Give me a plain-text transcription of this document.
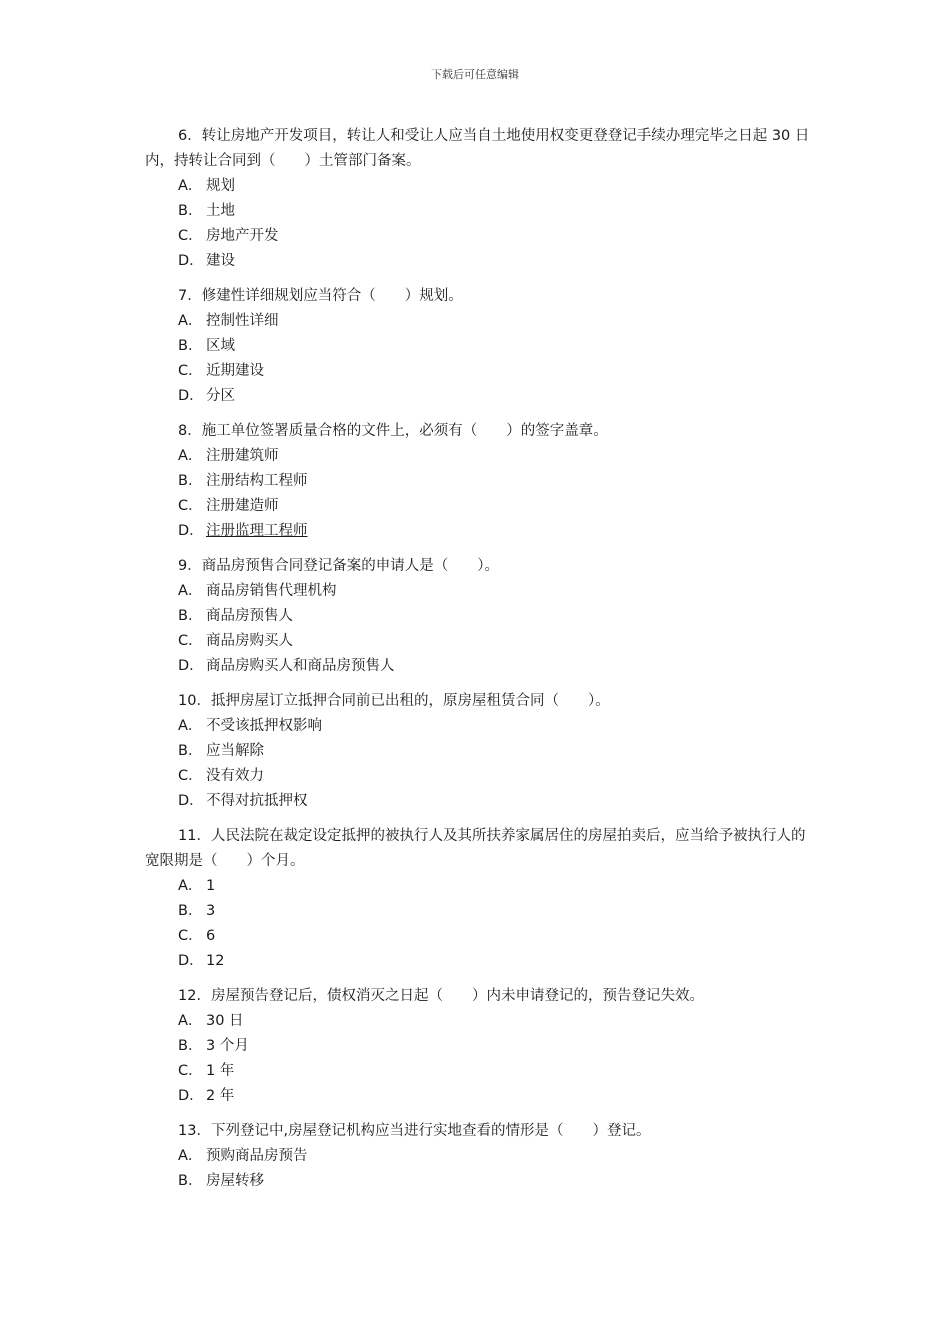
下载后可任意编辑

6．转让房地产开发项目，转让人和受让人应当自土地使用权变更登登记手续办理完毕之日起 30 日内，持转让合同到（　　）土管部门备案。

A． 规划

B． 土地

C． 房地产开发

D． 建设

7．修建性详细规划应当符合（　　）规划。

A． 控制性详细

B． 区域

C． 近期建设

D． 分区

8．施工单位签署质量合格的文件上，必须有（　　）的签字盖章。

A． 注册建筑师

B． 注册结构工程师

C． 注册建造师

D． 注册监理工程师

9．商品房预售合同登记备案的申请人是（　　）。

A． 商品房销售代理机构

B． 商品房预售人

C． 商品房购买人

D． 商品房购买人和商品房预售人

10．抵押房屋订立抵押合同前已出租的，原房屋租赁合同（　　）。

A． 不受该抵押权影响

B． 应当解除

C． 没有效力

D． 不得对抗抵押权

11．人民法院在裁定设定抵押的被执行人及其所扶养家属居住的房屋拍卖后，应当给予被执行人的宽限期是（　　）个月。

A． 1

B． 3

C． 6

D． 12

12．房屋预告登记后，债权消灭之日起（　　）内未申请登记的，预告登记失效。

A． 30 日

B． 3 个月

C． 1 年

D． 2 年

13．下列登记中,房屋登记机构应当进行实地查看的情形是（　　）登记。

A． 预购商品房预告

B． 房屋转移
